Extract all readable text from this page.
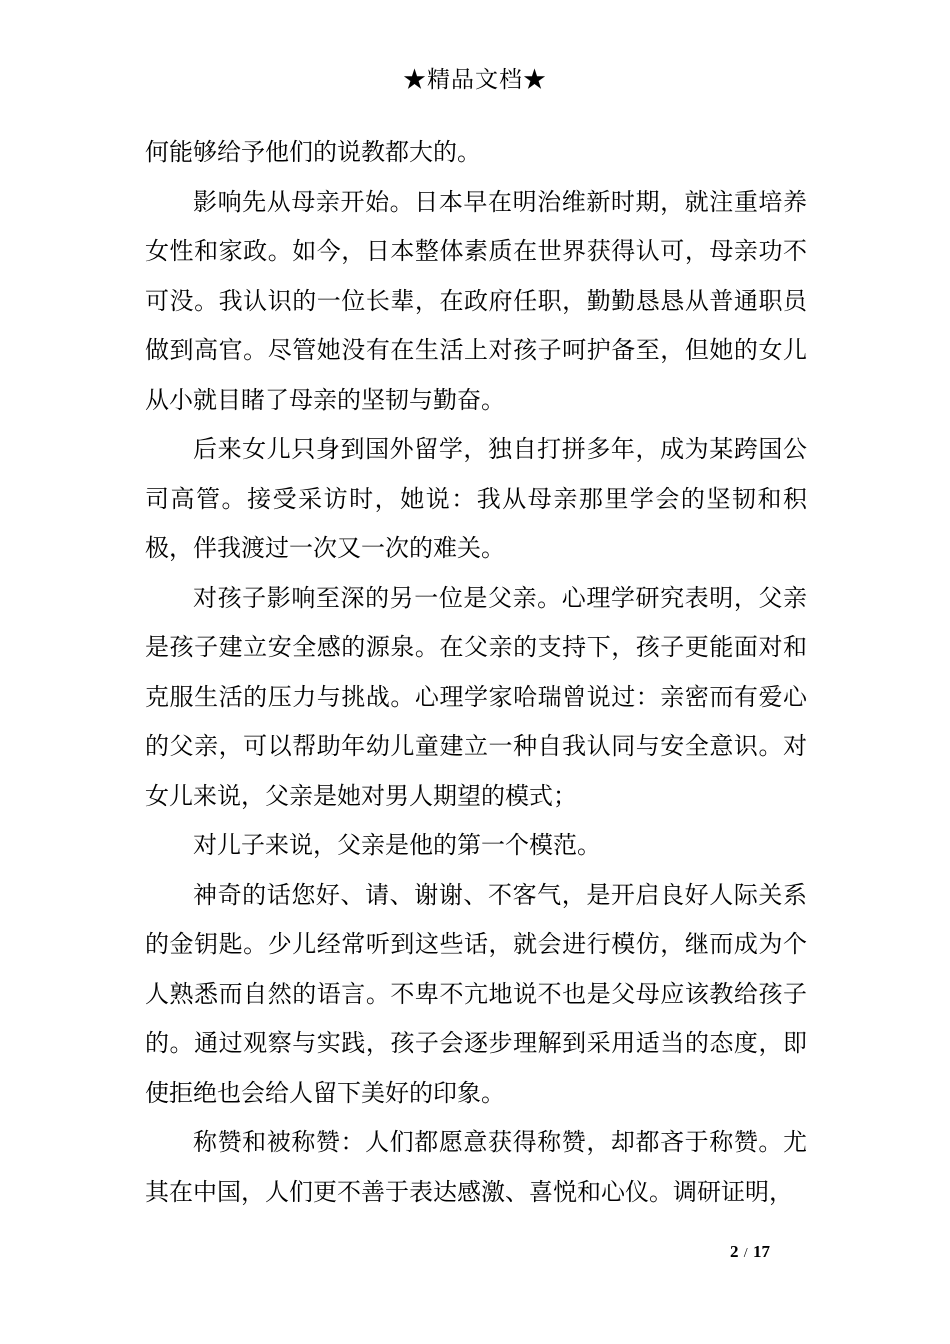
★精品文档★

何能够给予他们的说教都大的。

影响先从母亲开始。日本早在明治维新时期，就注重培养女性和家政。如今，日本整体素质在世界获得认可，母亲功不可没。我认识的一位长辈，在政府任职，勤勤恳恳从普通职员做到高官。尽管她没有在生活上对孩子呵护备至，但她的女儿从小就目睹了母亲的坚韧与勤奋。

后来女儿只身到国外留学，独自打拼多年，成为某跨国公司高管。接受采访时，她说：我从母亲那里学会的坚韧和积极，伴我渡过一次又一次的难关。

对孩子影响至深的另一位是父亲。心理学研究表明，父亲是孩子建立安全感的源泉。在父亲的支持下，孩子更能面对和克服生活的压力与挑战。心理学家哈瑞曾说过：亲密而有爱心的父亲，可以帮助年幼儿童建立一种自我认同与安全意识。对女儿来说，父亲是她对男人期望的模式；

对儿子来说，父亲是他的第一个模范。

神奇的话您好、请、谢谢、不客气，是开启良好人际关系的金钥匙。少儿经常听到这些话，就会进行模仿，继而成为个人熟悉而自然的语言。不卑不亢地说不也是父母应该教给孩子的。通过观察与实践，孩子会逐步理解到采用适当的态度，即使拒绝也会给人留下美好的印象。

称赞和被称赞：人们都愿意获得称赞，却都吝于称赞。尤其在中国，人们更不善于表达感激、喜悦和心仪。调研证明，

2 / 17
